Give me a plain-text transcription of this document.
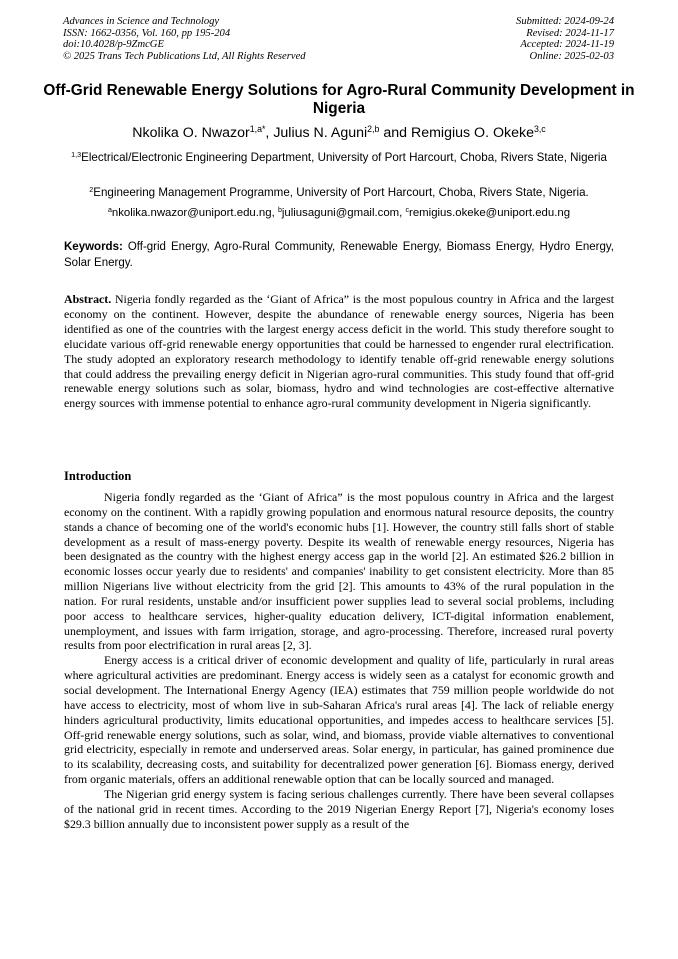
Advances in Science and Technology
ISSN: 1662-0356, Vol. 160, pp 195-204
doi:10.4028/p-9ZmcGE
© 2025 Trans Tech Publications Ltd, All Rights Reserved
Submitted: 2024-09-24
Revised: 2024-11-17
Accepted: 2024-11-19
Online: 2025-02-03
Off-Grid Renewable Energy Solutions for Agro-Rural Community Development in Nigeria
Nkolika O. Nwazor$^{1,a*}$, Julius N. Aguni$^{2,b}$ and Remigius O. Okeke$^{3,c}$
$^{1,3}$Electrical/Electronic Engineering Department, University of Port Harcourt, Choba, Rivers State, Nigeria
$^2$Engineering Management Programme, University of Port Harcourt, Choba, Rivers State, Nigeria.
$^a$nkolika.nwazor@uniport.edu.ng, $^b$juliusaguni@gmail.com, $^c$remigius.okeke@uniport.edu.ng
Keywords: Off-grid Energy, Agro-Rural Community, Renewable Energy, Biomass Energy, Hydro Energy, Solar Energy.
Abstract. Nigeria fondly regarded as the ‘Giant of Africa” is the most populous country in Africa and the largest economy on the continent. However, despite the abundance of renewable energy sources, Nigeria has been identified as one of the countries with the largest energy access deficit in the world. This study therefore sought to elucidate various off-grid renewable energy opportunities that could be harnessed to engender rural electrification. The study adopted an exploratory research methodology to identify tenable off-grid renewable energy solutions that could address the prevailing energy deficit in Nigerian agro-rural communities. This study found that off-grid renewable energy solutions such as solar, biomass, hydro and wind technologies are cost-effective alternative energy sources with immense potential to enhance agro-rural community development in Nigeria significantly.
Introduction

Nigeria fondly regarded as the ‘Giant of Africa” is the most populous country in Africa and the largest economy on the continent. With a rapidly growing population and enormous natural resource deposits, the country stands a chance of becoming one of the world's economic hubs [1]. However, the country still falls short of stable development as a result of mass-energy poverty. Despite its wealth of renewable energy resources, Nigeria has been designated as the country with the highest energy access gap in the world [2]. An estimated $26.2 billion in economic losses occur yearly due to residents' and companies' inability to get consistent electricity. More than 85 million Nigerians live without electricity from the grid [2]. This amounts to 43% of the rural population in the nation. For rural residents, unstable and/or insufficient power supplies lead to several social problems, including poor access to healthcare services, higher-quality education delivery, ICT-digital information enablement, unemployment, and issues with farm irrigation, storage, and agro-processing. Therefore, increased rural poverty results from poor electrification in rural areas [2, 3].

Energy access is a critical driver of economic development and quality of life, particularly in rural areas where agricultural activities are predominant. Energy access is widely seen as a catalyst for economic growth and social development. The International Energy Agency (IEA) estimates that 759 million people worldwide do not have access to electricity, most of whom live in sub-Saharan Africa's rural areas [4]. The lack of reliable energy hinders agricultural productivity, limits educational opportunities, and impedes access to healthcare services [5]. Off-grid renewable energy solutions, such as solar, wind, and biomass, provide viable alternatives to conventional grid electricity, especially in remote and underserved areas. Solar energy, in particular, has gained prominence due to its scalability, decreasing costs, and suitability for decentralized power generation [6]. Biomass energy, derived from organic materials, offers an additional renewable option that can be locally sourced and managed.

The Nigerian grid energy system is facing serious challenges currently. There have been several collapses of the national grid in recent times. According to the 2019 Nigerian Energy Report [7], Nigeria's economy loses $29.3 billion annually due to inconsistent power supply as a result of the
